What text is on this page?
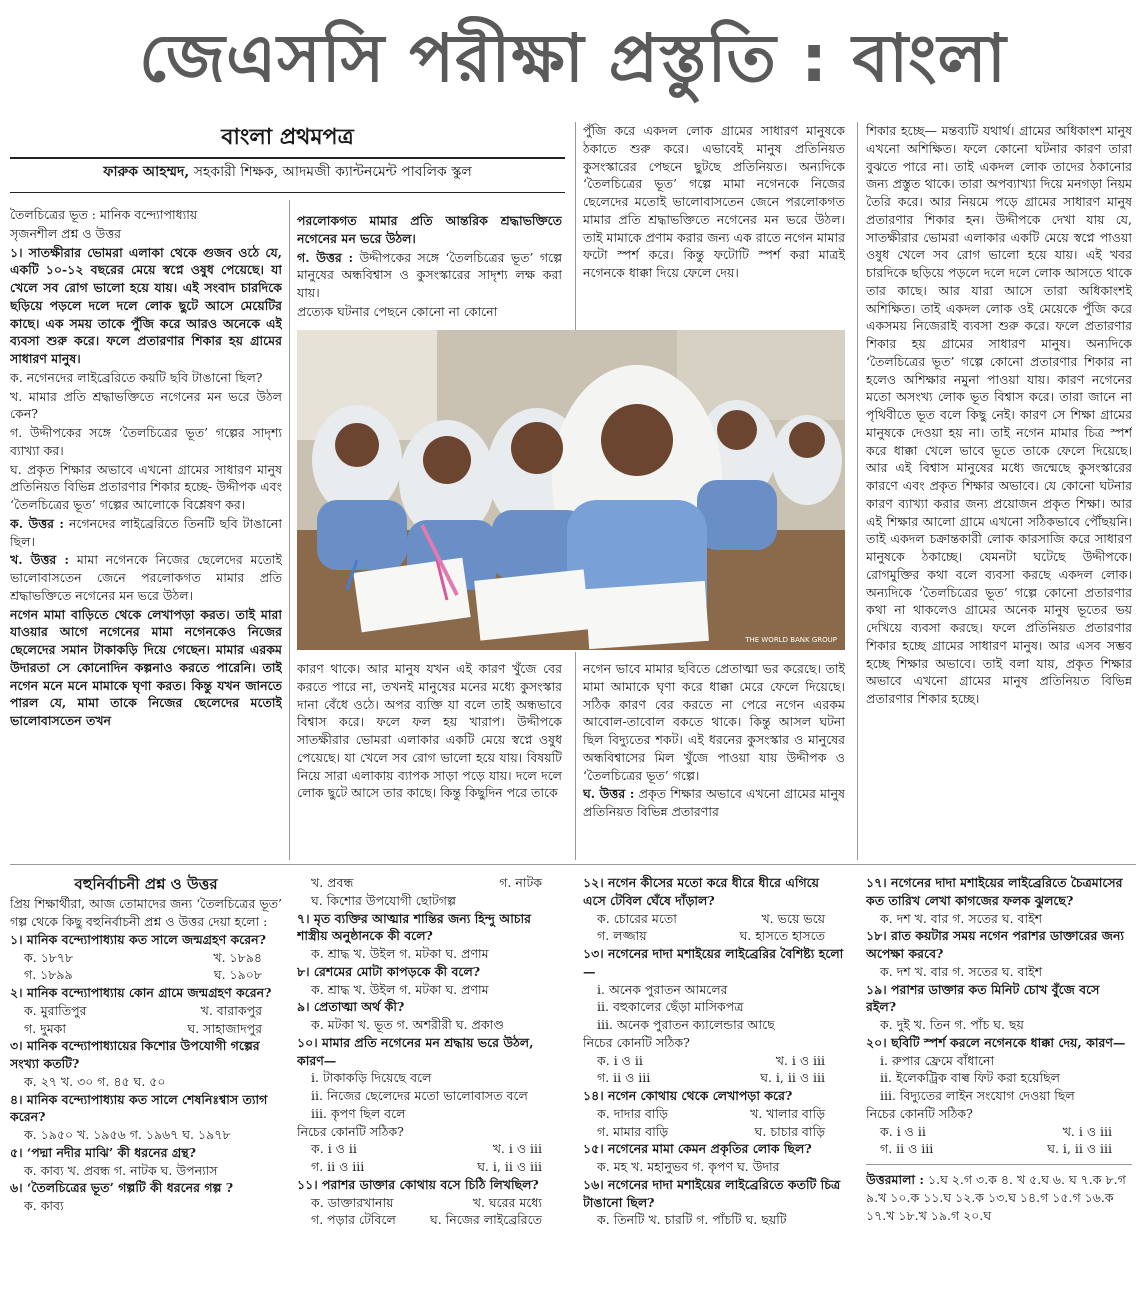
জেএসসি পরীক্ষা প্রস্তুতি : বাংলা
বাংলা প্রথমপত্র
ফারুক আহম্মদ, সহকারী শিক্ষক, আদমজী ক্যান্টনমেন্ট পাবলিক স্কুল

তৈলচিত্রের ভূত : মানিক বন্দ্যোপাধ্যায়

সৃজনশীল প্রশ্ন ও উত্তর

১। সাতক্ষীরার ভোমরা এলাকা থেকে গুজব ওঠে যে, একটি ১০-১২ বছরের মেয়ে স্বপ্নে ওষুধ পেয়েছে। যা খেলে সব রোগ ভালো হয়ে যায়। এই সংবাদ চারদিকে ছড়িয়ে পড়লে দলে দলে লোক ছুটে আসে মেয়েটির কাছে। এক সময় তাকে পুঁজি করে আরও অনেকে এই ব্যবসা শুরু করে। ফলে প্রতারণার শিকার হয় গ্রামের সাধারণ মানুষ।

ক. নগেনদের লাইব্রেরিতে কয়টি ছবি টাঙানো ছিল?

খ. মামার প্রতি শ্রদ্ধাভক্তিতে নগেনের মন ভরে উঠল কেন?

গ. উদ্দীপকের সঙ্গে ‘তৈলচিত্রের ভূত’ গল্পের সাদৃশ্য ব্যাখ্যা কর।

ঘ. প্রকৃত শিক্ষার অভাবে এখনো গ্রামের সাধারণ মানুষ প্রতিনিয়ত বিভিন্ন প্রতারণার শিকার হচ্ছে- উদ্দীপক এবং ‘তৈলচিত্রের ভূত’ গল্পের আলোকে বিশ্লেষণ কর।

ক. উত্তর : নগেনদের লাইব্রেরিতে তিনটি ছবি টাঙানো ছিল।

খ. উত্তর : মামা নগেনকে নিজের ছেলেদের মতোই ভালোবাসতেন জেনে পরলোকগত মামার প্রতি শ্রদ্ধাভক্তিতে নগেনের মন ভরে উঠল।

নগেন মামা বাড়িতে থেকে লেখাপড়া করত। তাই মারা যাওয়ার আগে নগেনের মামা নগেনকেও নিজের ছেলেদের সমান টাকাকড়ি দিয়ে গেছেন। মামার এরকম উদারতা সে কোনোদিন কল্পনাও করতে পারেনি। তাই নগেন মনে মনে মামাকে ঘৃণা করত। কিন্তু যখন জানতে পারল যে, মামা তাকে নিজের ছেলেদের মতোই ভালোবাসতেন তখন

পরলোকগত মামার প্রতি আন্তরিক শ্রদ্ধাভক্তিতে নগেনের মন ভরে উঠল।

গ. উত্তর : উদ্দীপকের সঙ্গে ‘তৈলচিত্রের ভূত’ গল্পে মানুষের অন্ধবিশ্বাস ও কুসংস্কারের সাদৃশ্য লক্ষ করা যায়।

প্রত্যেক ঘটনার পেছনে কোনো না কোনো

পুঁজি করে একদল লোক গ্রামের সাধারণ মানুষকে ঠকাতে শুরু করে। এভাবেই মানুষ প্রতিনিয়ত কুসংস্কারের পেছনে ছুটছে প্রতিনিয়ত। অন্যদিকে ‘তৈলচিত্রের ভূত’ গল্পে মামা নগেনকে নিজের ছেলেদের মতোই ভালোবাসতেন জেনে পরলোকগত মামার প্রতি শ্রদ্ধাভক্তিতে নগেনের মন ভরে উঠল। তাই মামাকে প্রণাম করার জন্য এক রাতে নগেন মামার ফটো স্পর্শ করে। কিন্তু ফটোটি স্পর্শ করা মাত্রই নগেনকে ধাক্কা দিয়ে ফেলে দেয়।

THE WORLD BANK GROUP

কারণ থাকে। আর মানুষ যখন এই কারণ খুঁজে বের করতে পারে না, তখনই মানুষের মনের মধ্যে কুসংস্কার দানা বেঁধে ওঠে। অপর ব্যক্তি যা বলে তাই অন্ধভাবে বিশ্বাস করে। ফলে ফল হয় খারাপ। উদ্দীপকে সাতক্ষীরার ভোমরা এলাকার একটি মেয়ে স্বপ্নে ওষুধ পেয়েছে। যা খেলে সব রোগ ভালো হয়ে যায়। বিষয়টি নিয়ে সারা এলাকায় ব্যাপক সাড়া পড়ে যায়। দলে দলে লোক ছুটে আসে তার কাছে। কিন্তু কিছুদিন পরে তাকে

নগেন ভাবে মামার ছবিতে প্রেতাত্মা ভর করেছে। তাই মামা আমাকে ঘৃণা করে ধাক্কা মেরে ফেলে দিয়েছে। সঠিক কারণ বের করতে না পেরে নগেন এরকম আবোল-তাবোল বকতে থাকে। কিন্তু আসল ঘটনা ছিল বিদ্যুতের শকট। এই ধরনের কুসংস্কার ও মানুষের অন্ধবিশ্বাসের মিল খুঁজে পাওয়া যায় উদ্দীপক ও ‘তৈলচিত্রের ভূত’ গল্পে।

ঘ. উত্তর : প্রকৃত শিক্ষার অভাবে এখনো গ্রামের মানুষ প্রতিনিয়ত বিভিন্ন প্রতারণার

শিকার হচ্ছে— মন্তব্যটি যথার্থ। গ্রামের অধিকাংশ মানুষ এখনো অশিক্ষিত। ফলে কোনো ঘটনার কারণ তারা বুঝতে পারে না। তাই একদল লোক তাদের ঠকানোর জন্য প্রস্তুত থাকে। তারা অপব্যাখ্যা দিয়ে মনগড়া নিয়ম তৈরি করে। আর নিয়মে পড়ে গ্রামের সাধারণ মানুষ প্রতারণার শিকার হন। উদ্দীপকে দেখা যায় যে, সাতক্ষীরার ভোমরা এলাকার একটি মেয়ে স্বপ্নে পাওয়া ওষুধ খেলে সব রোগ ভালো হয়ে যায়। এই খবর চারদিকে ছড়িয়ে পড়লে দলে দলে লোক আসতে থাকে তার কাছে। আর যারা আসে তারা অধিকাংশই অশিক্ষিত। তাই একদল লোক ওই মেয়েকে পুঁজি করে একসময় নিজেরাই ব্যবসা শুরু করে। ফলে প্রতারণার শিকার হয় গ্রামের সাধারণ মানুষ। অন্যদিকে ‘তৈলচিত্রের ভূত’ গল্পে কোনো প্রতারণার শিকার না হলেও অশিক্ষার নমুনা পাওয়া যায়। কারণ নগেনের মতো অসংখ্য লোক ভূত বিশ্বাস করে। তারা জানে না পৃথিবীতে ভূত বলে কিছু নেই। কারণ সে শিক্ষা গ্রামের মানুষকে দেওয়া হয় না। তাই নগেন মামার চিত্র স্পর্শ করে ধাক্কা খেলে ভাবে ভূতে তাকে ফেলে দিয়েছে। আর এই বিশ্বাস মানুষের মধ্যে জন্মেছে কুসংস্কারের কারণে এবং প্রকৃত শিক্ষার অভাবে। যে কোনো ঘটনার কারণ ব্যাখ্যা করার জন্য প্রয়োজন প্রকৃত শিক্ষা। আর এই শিক্ষার আলো গ্রামে এখনো সঠিকভাবে পৌঁছয়নি। তাই একদল চক্রান্তকারী লোক কারসাজি করে সাধারণ মানুষকে ঠকাচ্ছে। যেমনটা ঘটেছে উদ্দীপকে। রোগমুক্তির কথা বলে ব্যবসা করছে একদল লোক। অন্যদিকে ‘তৈলচিত্রের ভূত’ গল্পে কোনো প্রতারণার কথা না থাকলেও গ্রামের অনেক মানুষ ভূতের ভয় দেখিয়ে ব্যবসা করছে। ফলে প্রতিনিয়ত প্রতারণার শিকার হচ্ছে গ্রামের সাধারণ মানুষ। আর এসব সম্ভব হচ্ছে শিক্ষার অভাবে। তাই বলা যায়, প্রকৃত শিক্ষার অভাবে এখনো গ্রামের মানুষ প্রতিনিয়ত বিভিন্ন প্রতারণার শিকার হচ্ছে।

বহুনির্বাচনী প্রশ্ন ও উত্তর

প্রিয় শিক্ষার্থীরা, আজ তোমাদের জন্য ‘তৈলচিত্রের ভূত’ গল্প থেকে কিছু বহুনির্বাচনী প্রশ্ন ও উত্তর দেয়া হলো :

১। মানিক বন্দ্যোপাধ্যায় কত সালে জন্মগ্রহণ করেন?
ক. ১৮৭৮	খ. ১৮৯৪
গ. ১৮৯৯	ঘ. ১৯০৮
২। মানিক বন্দ্যোপাধ্যায় কোন গ্রামে জন্মগ্রহণ করেন?
ক. মুরাতিপুর	খ. বারাকপুর
গ. দুমকা	ঘ. সাহাজাদপুর
৩। মানিক বন্দ্যোপাধ্যায়ের কিশোর উপযোগী গল্পের সংখ্যা কতটি?
ক. ২৭ খ. ৩০ গ. ৪৫ ঘ. ৫০
৪। মানিক বন্দ্যোপাধ্যায় কত সালে শেষনিঃশ্বাস ত্যাগ করেন?
ক. ১৯৫০ খ. ১৯৫৬ গ. ১৯৬৭ ঘ. ১৯৭৮
৫। ‘পদ্মা নদীর মাঝি’ কী ধরনের গ্রন্থ?
ক. কাব্য খ. প্রবন্ধ গ. নাটক ঘ. উপন্যাস
৬। ‘তৈলচিত্রের ভূত’ গল্পটি কী ধরনের গল্প ?
ক. কাব্য
খ. প্রবন্ধ	গ. নাটক
ঘ. কিশোর উপযোগী ছোটগল্প
৭। মৃত ব্যক্তির আত্মার শান্তির জন্য হিন্দু আচার শাস্ত্রীয় অনুষ্ঠানকে কী বলে?
ক. শ্রাদ্ধ খ. উইল গ. মটকা ঘ. প্রণাম
৮। রেশমের মোটা কাপড়কে কী বলে?
ক. শ্রাদ্ধ খ. উইল গ. মটকা ঘ. প্রণাম
৯। প্রেতাত্মা অর্থ কী?
ক. মটকা খ. ভূত গ. অশরীরী ঘ. প্রকাণ্ড
১০। মামার প্রতি নগেনের মন শ্রদ্ধায় ভরে উঠল, কারণ—
i. টাকাকড়ি দিয়েছে বলে
ii. নিজের ছেলেদের মতো ভালোবাসত বলে
iii. কৃপণ ছিল বলে
নিচের কোনটি সঠিক?
ক. i ও ii	খ. i ও iii
গ. ii ও iii	ঘ. i, ii ও iii
১১। পরাশর ডাক্তার কোথায় বসে চিঠি লিখছিল?
ক. ডাক্তারখানায়	খ. ঘরের মধ্যে
গ. পড়ার টেবিলে	ঘ. নিজের লাইব্রেরিতে
১২। নগেন কীসের মতো করে ধীরে ধীরে এগিয়ে এসে টেবিল ঘেঁষে দাঁড়াল?
ক. চোরের মতো	খ. ভয়ে ভয়ে
গ. লজ্জায়	ঘ. হাসতে হাসতে
১৩। নগেনের দাদা মশাইয়ের লাইব্রেরির বৈশিষ্ট্য হলো—
i. অনেক পুরাতন আমলের
ii. বহুকালের ছেঁড়া মাসিকপত্র
iii. অনেক পুরাতন ক্যালেন্ডার আছে
নিচের কোনটি সঠিক?
ক. i ও ii	খ. i ও iii
গ. ii ও iii	ঘ. i, ii ও iii
১৪। নগেন কোথায় থেকে লেখাপড়া করে?
ক. দাদার বাড়ি	খ. খালার বাড়ি
গ. মামার বাড়ি	ঘ. চাচার বাড়ি
১৫। নগেনের মামা কেমন প্রকৃতির লোক ছিল?
ক. মহ খ. মহানুভব গ. কৃপণ ঘ. উদার
১৬। নগেনের দাদা মশাইয়ের লাইব্রেরিতে কতটি চিত্র টাঙানো ছিল?
ক. তিনটি খ. চারটি গ. পাঁচটি ঘ. ছয়টি
১৭। নগেনের দাদা মশাইয়ের লাইব্রেরিতে চৈত্রমাসের কত তারিখ লেখা কাগজের ফলক ঝুলছে?
ক. দশ খ. বার গ. সতের ঘ. বাইশ
১৮। রাত কয়টার সময় নগেন পরাশর ডাক্তারের জন্য অপেক্ষা করবে?
ক. দশ খ. বার গ. সতের ঘ. বাইশ
১৯। পরাশর ডাক্তার কত মিনিট চোখ বুঁজে বসে রইল?
ক. দুই খ. তিন গ. পাঁচ ঘ. ছয়
২০। ছবিটি স্পর্শ করলে নগেনকে ধাক্কা দেয়, কারণ—
i. রুপার ফ্রেমে বাঁধানো
ii. ইলেকট্রিক বাল্ব ফিট করা হয়েছিল
iii. বিদ্যুতের লাইন সংযোগ দেওয়া ছিল
নিচের কোনটি সঠিক?
ক. i ও ii	খ. i ও iii
গ. ii ও iii	ঘ. i, ii ও iii
উত্তরমালা : ১.ঘ ২.গ ৩.ক ৪. খ ৫.ঘ ৬. ঘ ৭.ক ৮.গ ৯.খ ১০.ক ১১.ঘ ১২.ক ১৩.ঘ ১৪.গ ১৫.গ ১৬.ক ১৭.খ ১৮.খ ১৯.গ ২০.ঘ
